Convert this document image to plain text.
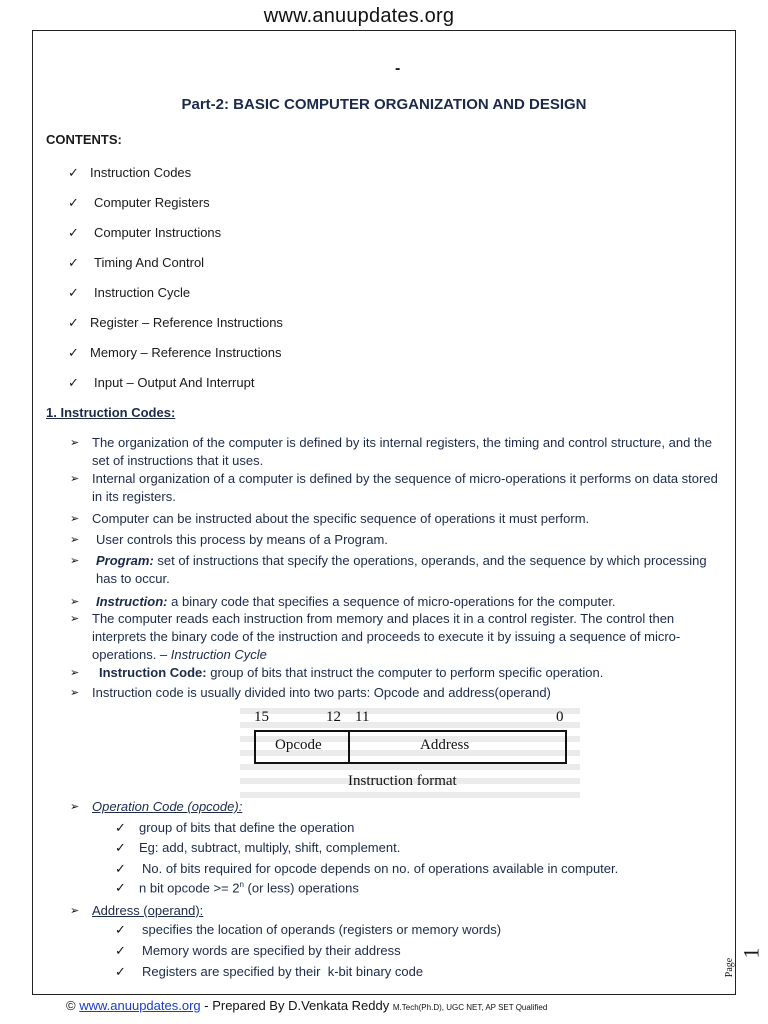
www.anuupdates.org
-
Part-2: BASIC COMPUTER ORGANIZATION AND DESIGN
CONTENTS:
✓ Instruction Codes
✓ Computer Registers
✓ Computer Instructions
✓ Timing And Control
✓ Instruction Cycle
✓ Register – Reference Instructions
✓ Memory – Reference Instructions
✓ Input – Output And Interrupt
1. Instruction Codes:
➢ The organization of the computer is defined by its internal registers, the timing and control structure, and the set of instructions that it uses.
➢ Internal organization of a computer is defined by the sequence of micro-operations it performs on data stored in its registers.
➢ Computer can be instructed about the specific sequence of operations it must perform.
➢	User controls this process by means of a Program.
➢	Program: set of instructions that specify the operations, operands, and the sequence by which processing has to occur.
➢	Instruction: a binary code that specifies a sequence of micro-operations for the computer.
➢ The computer reads each instruction from memory and places it in a control register. The control then interprets the binary code of the instruction and proceeds to execute it by issuing a sequence of micro-operations. – Instruction Cycle
➢	Instruction Code: group of bits that instruct the computer to perform specific operation.
➢ Instruction code is usually divided into two parts: Opcode and address(operand)
15	12 11	0
Opcode	Address
Instruction format
➢ Operation Code (opcode):
✓ group of bits that define the operation
✓ Eg: add, subtract, multiply, shift, complement.
✓ No. of bits required for opcode depends on no. of operations available in computer.
✓ n bit opcode >= $2^n$ (or less) operations
➢ Address (operand):
✓ specifies the location of operands (registers or memory words)
✓ Memory words are specified by their address
✓ Registers are specified by their  k-bit binary code	Page
1
© www.anuupdates.org - Prepared By D.Venkata Reddy M.Tech(Ph.D), UGC NET, AP SET Qualified
